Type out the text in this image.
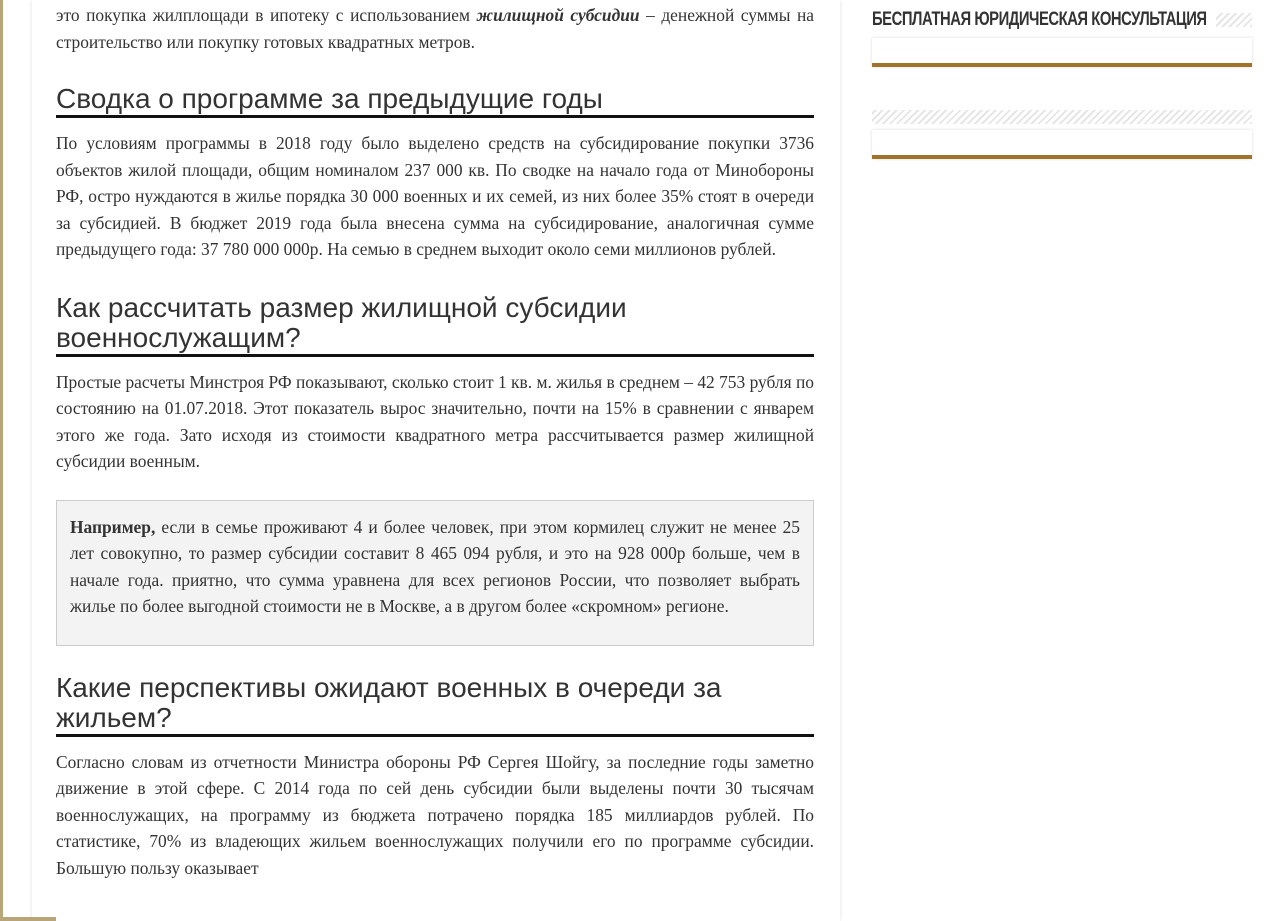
это покупка жилплощади в ипотеку с использованием жилищной субсидии – денежной суммы на строительство или покупку готовых квадратных метров.

Сводка о программе за предыдущие годы

По условиям программы в 2018 году было выделено средств на субсидирование покупки 3736 объектов жилой площади, общим номиналом 237 000 кв. По сводке на начало года от Минобороны РФ, остро нуждаются в жилье порядка 30 000 военных и их семей, из них более 35% стоят в очереди за субсидией. В бюджет 2019 года была внесена сумма на субсидирование, аналогичная сумме предыдущего года: 37 780 000 000р. На семью в среднем выходит около семи миллионов рублей.

Как рассчитать размер жилищной субсидии военнослужащим?

Простые расчеты Минстроя РФ показывают, сколько стоит 1 кв. м. жилья в среднем – 42 753 рубля по состоянию на 01.07.2018. Этот показатель вырос значительно, почти на 15% в сравнении с январем этого же года. Зато исходя из стоимости квадратного метра рассчитывается размер жилищной субсидии военным.

Например, если в семье проживают 4 и более человек, при этом кормилец служит не менее 25 лет совокупно, то размер субсидии составит 8 465 094 рубля, и это на 928 000р больше, чем в начале года. приятно, что сумма уравнена для всех регионов России, что позволяет выбрать жилье по более выгодной стоимости не в Москве, а в другом более «скромном» регионе.

Какие перспективы ожидают военных в очереди за жильем?

Согласно словам из отчетности Министра обороны РФ Сергея Шойгу, за последние годы заметно движение в этой сфере. С 2014 года по сей день субсидии были выделены почти 30 тысячам военнослужащих, на программу из бюджета потрачено порядка 185 миллиардов рублей. По статистике, 70% из владеющих жильем военнослужащих получили его по программе субсидии. Большую пользу оказывает

БЕСПЛАТНАЯ ЮРИДИЧЕСКАЯ КОНСУЛЬТАЦИЯ
